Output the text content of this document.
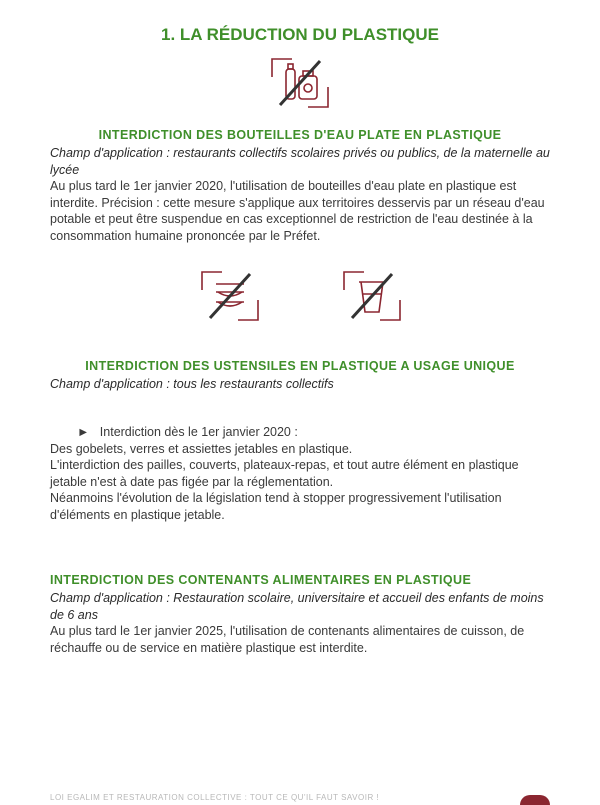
1. LA RÉDUCTION DU PLASTIQUE
INTERDICTION DES BOUTEILLES D'EAU PLATE EN PLASTIQUE

Champ d'application : restaurants collectifs scolaires privés ou publics, de la maternelle au lycée

Au plus tard le 1er janvier 2020, l'utilisation de bouteilles d'eau plate en plastique est interdite. Précision : cette mesure s'applique aux territoires desservis par un réseau d'eau potable et peut être suspendue en cas exceptionnel de restriction de l'eau destinée à la consommation humaine prononcée par le Préfet.

INTERDICTION DES USTENSILES EN PLASTIQUE A USAGE UNIQUE
Champ d'application : tous les restaurants collectifs

► Interdiction dès le 1er janvier 2020 :

Des gobelets, verres et assiettes jetables en plastique.

L'interdiction des pailles, couverts, plateaux-repas, et tout autre élément en plastique jetable n'est à date pas figée par la réglementation.

Néanmoins l'évolution de la législation tend à stopper progressivement l'utilisation d'éléments en plastique jetable.

INTERDICTION DES CONTENANTS ALIMENTAIRES EN PLASTIQUE

Champ d'application : Restauration scolaire, universitaire et accueil des enfants de moins de 6 ans

Au plus tard le 1er janvier 2025, l'utilisation de contenants alimentaires de cuisson, de réchauffe ou de service en matière plastique est interdite.

LOI EGALIM ET RESTAURATION COLLECTIVE : TOUT CE QU'IL FAUT SAVOIR !
